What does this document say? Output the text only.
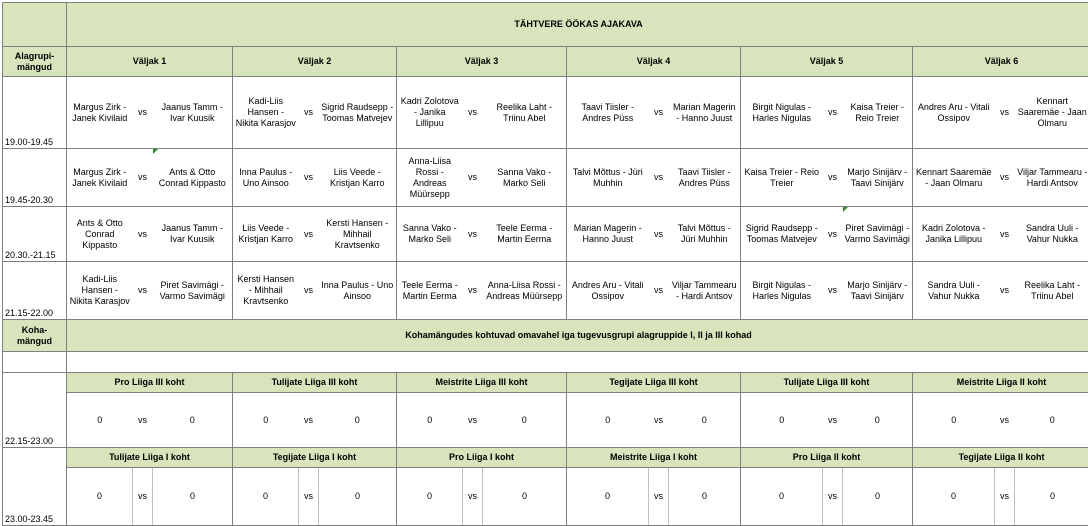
	TÄHTVERE ÖÖKAS AJAKAVA																	
Alagrupi-mängud	Väljak 1			Väljak 2			Väljak 3			Väljak 4			Väljak 5			Väljak 6		
19.00-19.45	Margus Zirk - Janek Kivilaid	vs	Jaanus Tamm - Ivar Kuusik	Kadi-Liis Hansen - Nikita Karasjov	vs	Sigrid Raudsepp - Toomas Matvejev	Kadri Zolotova - Janika Lillipuu	vs	Reelika Laht - Triinu Abel	Taavi Tiisler - Andres Püss	vs	Marian Magerin - Hanno Juust	Birgit Nigulas - Harles Nigulas	vs	Kaisa Treier - Reio Treier	Andres Aru - Vitali Ossipov	vs	Kennart Saaremäe - Jaan Olmaru
19.45-20.30	Margus Zirk - Janek Kivilaid	vs	Ants & Otto Conrad Kippasto	Inna Paulus - Uno Ainsoo	vs	Liis Veede - Kristjan Karro	Anna-Liisa Rossi - Andreas Müürsepp	vs	Sanna Vako - Marko Seli	Talvi Mõttus - Jüri Muhhin	vs	Taavi Tiisler - Andres Püss	Kaisa Treier - Reio Treier	vs	Marjo Sinijärv - Taavi Sinijärv	Kennart Saaremäe - Jaan Olmaru	vs	Viljar Tammearu - Hardi Antsov
20.30.-21.15	Ants & Otto Conrad Kippasto	vs	Jaanus Tamm - Ivar Kuusik	Liis Veede - Kristjan Karro	vs	Kersti Hansen - Mihhail Kravtsenko	Sanna Vako - Marko Seli	vs	Teele Eerma - Martin Eerma	Marian Magerin - Hanno Juust	vs	Talvi Mõttus - Jüri Muhhin	Sigrid Raudsepp - Toomas Matvejev	vs	Piret Savimägi - Varmo Savimägi	Kadri Zolotova - Janika Lillipuu	vs	Sandra Uuli - Vahur Nukka
21.15-22.00	Kadi-Liis Hansen - Nikita Karasjov	vs	Piret Savimägi - Varmo Savimägi	Kersti Hansen - Mihhail Kravtsenko	vs	Inna Paulus - Uno Ainsoo	Teele Eerma - Martin Eerma	vs	Anna-Liisa Rossi - Andreas Müürsepp	Andres Aru - Vitali Ossipov	vs	Viljar Tammearu - Hardi Antsov	Birgit Nigulas - Harles Nigulas	vs	Marjo Sinijärv - Taavi Sinijärv	Sandra Uuli - Vahur Nukka	vs	Reelika Laht - Triinu Abel
Koha-mängud	Kohamängudes kohtuvad omavahel iga tugevusgrupi alagruppide I, II ja III kohad																	

22.15-23.00	Pro Liiga III koht			Tulijate Liiga III koht			Meistrite Liiga III koht			Tegijate Liiga III koht			Tulijate Liiga III koht			Meistrite Liiga II koht		
	0	vs	0	0	vs	0	0	vs	0	0	vs	0	0	vs	0	0	vs	0
23.00-23.45	Tulijate Liiga I koht			Tegijate Liiga I koht			Pro Liiga I koht			Meistrite Liiga I koht			Pro Liiga II koht			Tegijate Liiga II koht		
	0	vs	0	0	vs	0	0	vs	0	0	vs	0	0	vs	0	0	vs	0
